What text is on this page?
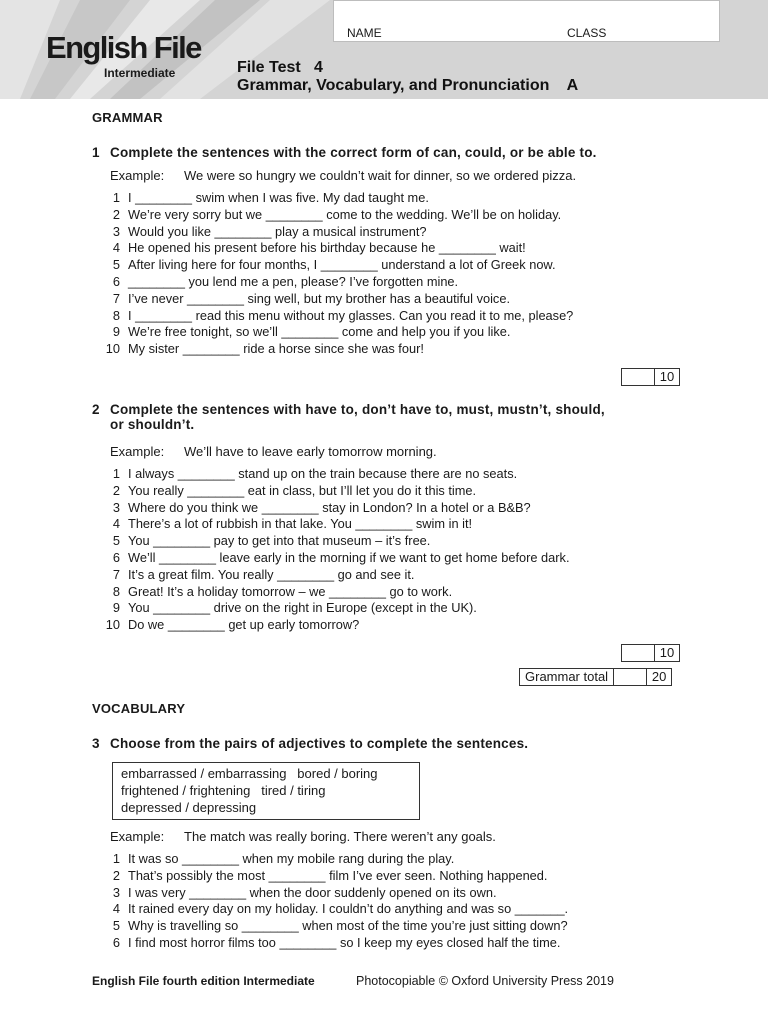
English File
Intermediate
NAME	CLASS
File Test   4
Grammar, Vocabulary, and Pronunciation    A
GRAMMAR
1 Complete the sentences with the correct form of can, could, or be able to.
Example: We were so hungry we couldn’t wait for dinner, so we ordered pizza.
1 I ________ swim when I was five. My dad taught me.
2 We’re very sorry but we ________ come to the wedding. We’ll be on holiday.
3 Would you like ________ play a musical instrument?
4 He opened his present before his birthday because he ________ wait!
5 After living here for four months, I ________ understand a lot of Greek now.
6 ________ you lend me a pen, please? I’ve forgotten mine.
7 I’ve never ________ sing well, but my brother has a beautiful voice.
8 I ________ read this menu without my glasses. Can you read it to me, please?
9 We’re free tonight, so we’ll ________ come and help you if you like.
10 My sister ________ ride a horse since she was four!
10
2 Complete the sentences with have to, don’t have to, must, mustn’t, should,
or shouldn’t.
Example: We’ll have to leave early tomorrow morning.
1 I always ________ stand up on the train because there are no seats.
2 You really ________ eat in class, but I’ll let you do it this time.
3 Where do you think we ________ stay in London? In a hotel or a B&B?
4 There’s a lot of rubbish in that lake. You ________ swim in it!
5 You ________ pay to get into that museum – it’s free.
6 We’ll ________ leave early in the morning if we want to get home before dark.
7 It’s a great film. You really ________ go and see it.
8 Great! It’s a holiday tomorrow – we ________ go to work.
9 You ________ drive on the right in Europe (except in the UK).
10 Do we ________ get up early tomorrow?
10
Grammar total	20
VOCABULARY
3 Choose from the pairs of adjectives to complete the sentences.
embarrassed / embarrassing   bored / boring
frightened / frightening   tired / tiring
depressed / depressing
Example: The match was really boring. There weren’t any goals.
1 It was so ________ when my mobile rang during the play.
2 That’s possibly the most ________ film I’ve ever seen. Nothing happened.
3 I was very ________ when the door suddenly opened on its own.
4 It rained every day on my holiday. I couldn’t do anything and was so _______.
5 Why is travelling so ________ when most of the time you’re just sitting down?
6 I find most horror films too ________ so I keep my eyes closed half the time.
English File fourth edition Intermediate	Photocopiable © Oxford University Press 2019
